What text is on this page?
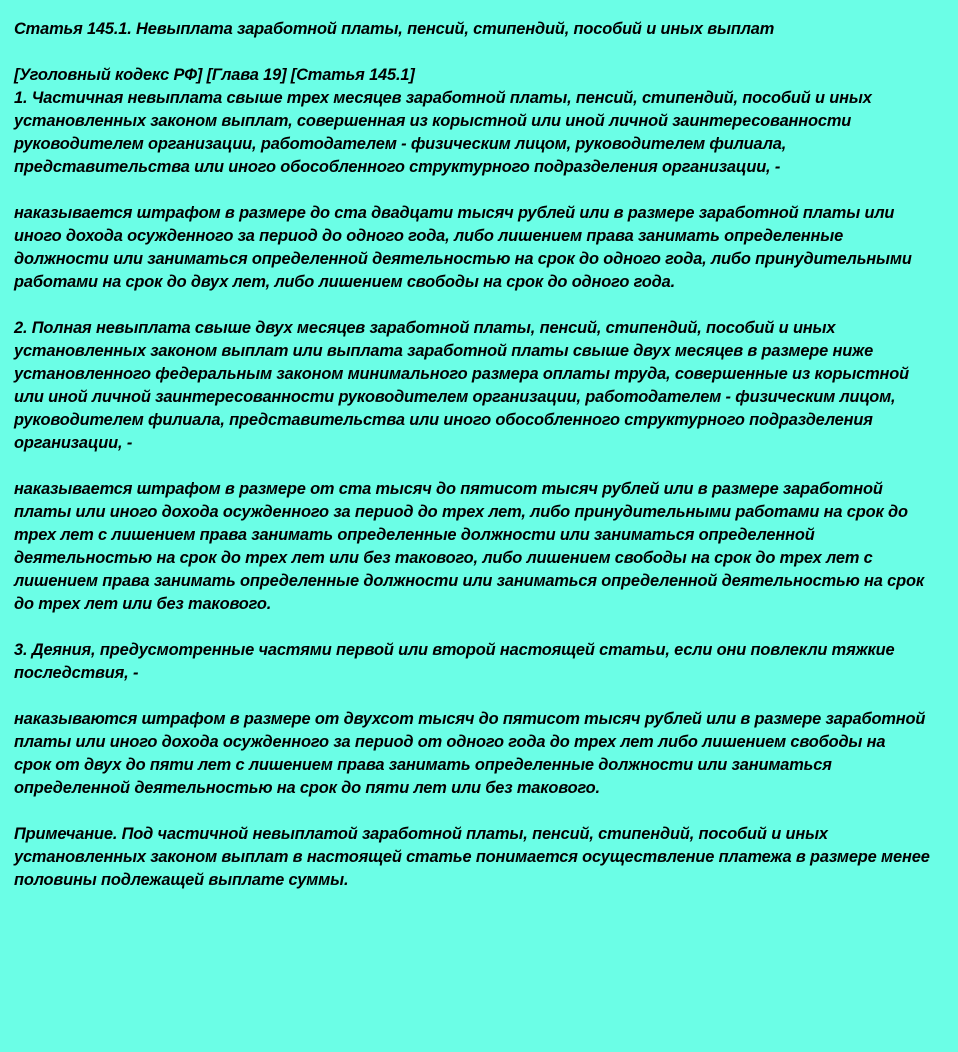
Статья 145.1. Невыплата заработной платы, пенсий, стипендий, пособий и иных выплат
[Уголовный кодекс РФ] [Глава 19] [Статья 145.1]
1. Частичная невыплата свыше трех месяцев заработной платы, пенсий, стипендий, пособий и иных
установленных законом выплат, совершенная из корыстной или иной личной заинтересованности
руководителем организации, работодателем - физическим лицом, руководителем филиала,
представительства или иного обособленного структурного подразделения организации, -
наказывается штрафом в размере до ста двадцати тысяч рублей или в размере заработной платы или
иного дохода осужденного за период до одного года, либо лишением права занимать определенные
должности или заниматься определенной деятельностью на срок до одного года, либо принудительными
работами на срок до двух лет, либо лишением свободы на срок до одного года.
2. Полная невыплата свыше двух месяцев заработной платы, пенсий, стипендий, пособий и иных
установленных законом выплат или выплата заработной платы свыше двух месяцев в размере ниже
установленного федеральным законом минимального размера оплаты труда, совершенные из корыстной
или иной личной заинтересованности руководителем организации, работодателем - физическим лицом,
руководителем филиала, представительства или иного обособленного структурного подразделения
организации, -
наказывается штрафом в размере от ста тысяч до пятисот тысяч рублей или в размере заработной
платы или иного дохода осужденного за период до трех лет, либо принудительными работами на срок до
трех лет с лишением права занимать определенные должности или заниматься определенной
деятельностью на срок до трех лет или без такового, либо лишением свободы на срок до трех лет с
лишением права занимать определенные должности или заниматься определенной деятельностью на срок
до трех лет или без такового.
3. Деяния, предусмотренные частями первой или второй настоящей статьи, если они повлекли тяжкие
последствия, -
наказываются штрафом в размере от двухсот тысяч до пятисот тысяч рублей или в размере заработной
платы или иного дохода осужденного за период от одного года до трех лет либо лишением свободы на
срок от двух до пяти лет с лишением права занимать определенные должности или заниматься
определенной деятельностью на срок до пяти лет или без такового.
Примечание. Под частичной невыплатой заработной платы, пенсий, стипендий, пособий и иных
установленных законом выплат в настоящей статье понимается осуществление платежа в размере менее
половины подлежащей выплате суммы.
